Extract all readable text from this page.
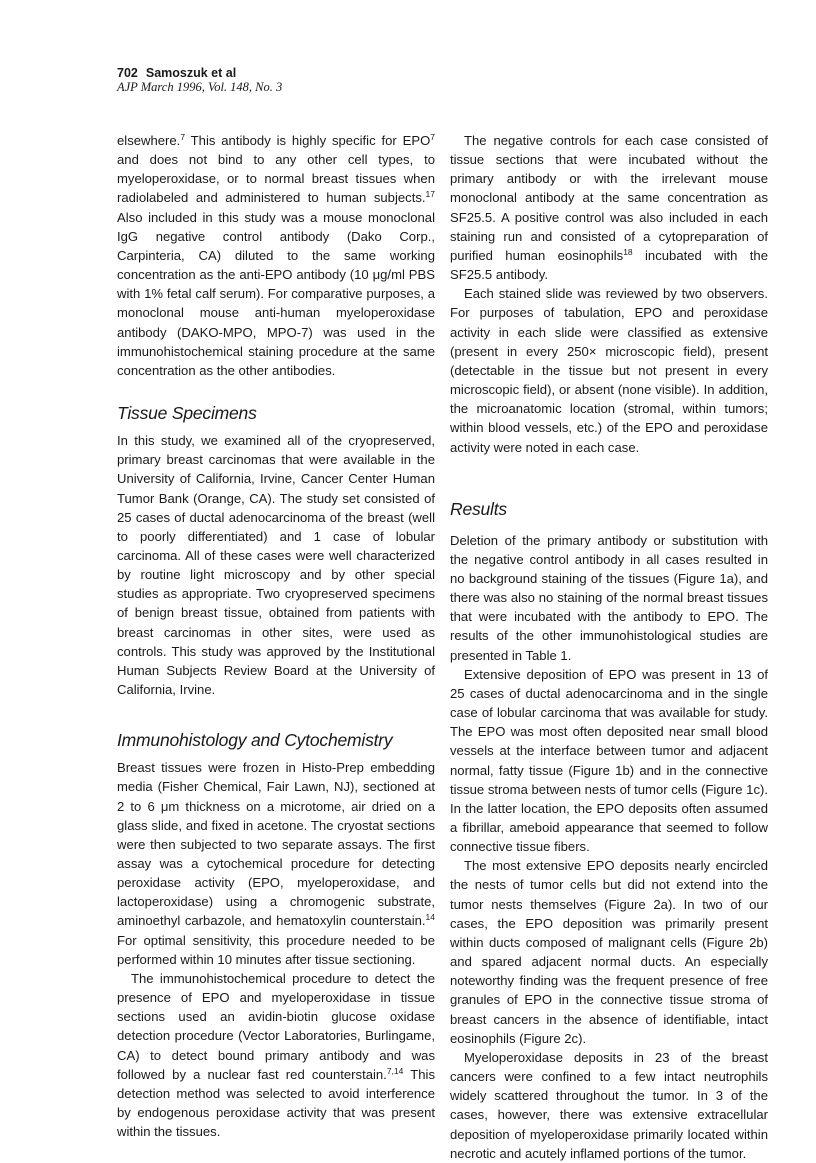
702 Samoszuk et al
AJP March 1996, Vol. 148, No. 3

elsewhere.$^7$ This antibody is highly specific for EPO$^7$ and does not bind to any other cell types, to myeloperoxidase, or to normal breast tissues when radiolabeled and administered to human subjects.$^{17}$ Also included in this study was a mouse monoclonal IgG negative control antibody (Dako Corp., Carpinteria, CA) diluted to the same working concentration as the anti-EPO antibody (10 μg/ml PBS with 1% fetal calf serum). For comparative purposes, a monoclonal mouse anti-human myeloperoxidase antibody (DAKO-MPO, MPO-7) was used in the immunohistochemical staining procedure at the same concentration as the other antibodies.

Tissue Specimens

In this study, we examined all of the cryopreserved, primary breast carcinomas that were available in the University of California, Irvine, Cancer Center Human Tumor Bank (Orange, CA). The study set consisted of 25 cases of ductal adenocarcinoma of the breast (well to poorly differentiated) and 1 case of lobular carcinoma. All of these cases were well characterized by routine light microscopy and by other special studies as appropriate. Two cryopreserved specimens of benign breast tissue, obtained from patients with breast carcinomas in other sites, were used as controls. This study was approved by the Institutional Human Subjects Review Board at the University of California, Irvine.

Immunohistology and Cytochemistry

Breast tissues were frozen in Histo-Prep embedding media (Fisher Chemical, Fair Lawn, NJ), sectioned at 2 to 6 μm thickness on a microtome, air dried on a glass slide, and fixed in acetone. The cryostat sections were then subjected to two separate assays. The first assay was a cytochemical procedure for detecting peroxidase activity (EPO, myeloperoxidase, and lactoperoxidase) using a chromogenic substrate, aminoethyl carbazole, and hematoxylin counterstain.$^{14}$ For optimal sensitivity, this procedure needed to be performed within 10 minutes after tissue sectioning.

The immunohistochemical procedure to detect the presence of EPO and myeloperoxidase in tissue sections used an avidin-biotin glucose oxidase detection procedure (Vector Laboratories, Burlingame, CA) to detect bound primary antibody and was followed by a nuclear fast red counterstain.$^{7,14}$ This detection method was selected to avoid interference by endogenous peroxidase activity that was present within the tissues.

The negative controls for each case consisted of tissue sections that were incubated without the primary antibody or with the irrelevant mouse monoclonal antibody at the same concentration as SF25.5. A positive control was also included in each staining run and consisted of a cytopreparation of purified human eosinophils$^{18}$ incubated with the SF25.5 antibody.

Each stained slide was reviewed by two observers. For purposes of tabulation, EPO and peroxidase activity in each slide were classified as extensive (present in every 250× microscopic field), present (detectable in the tissue but not present in every microscopic field), or absent (none visible). In addition, the microanatomic location (stromal, within tumors; within blood vessels, etc.) of the EPO and peroxidase activity were noted in each case.

Results

Deletion of the primary antibody or substitution with the negative control antibody in all cases resulted in no background staining of the tissues (Figure 1a), and there was also no staining of the normal breast tissues that were incubated with the antibody to EPO. The results of the other immunohistological studies are presented in Table 1.

Extensive deposition of EPO was present in 13 of 25 cases of ductal adenocarcinoma and in the single case of lobular carcinoma that was available for study. The EPO was most often deposited near small blood vessels at the interface between tumor and adjacent normal, fatty tissue (Figure 1b) and in the connective tissue stroma between nests of tumor cells (Figure 1c). In the latter location, the EPO deposits often assumed a fibrillar, ameboid appearance that seemed to follow connective tissue fibers.

The most extensive EPO deposits nearly encircled the nests of tumor cells but did not extend into the tumor nests themselves (Figure 2a). In two of our cases, the EPO deposition was primarily present within ducts composed of malignant cells (Figure 2b) and spared adjacent normal ducts. An especially noteworthy finding was the frequent presence of free granules of EPO in the connective tissue stroma of breast cancers in the absence of identifiable, intact eosinophils (Figure 2c).

Myeloperoxidase deposits in 23 of the breast cancers were confined to a few intact neutrophils widely scattered throughout the tumor. In 3 of the cases, however, there was extensive extracellular deposition of myeloperoxidase primarily located within necrotic and acutely inflamed portions of the tumor.
